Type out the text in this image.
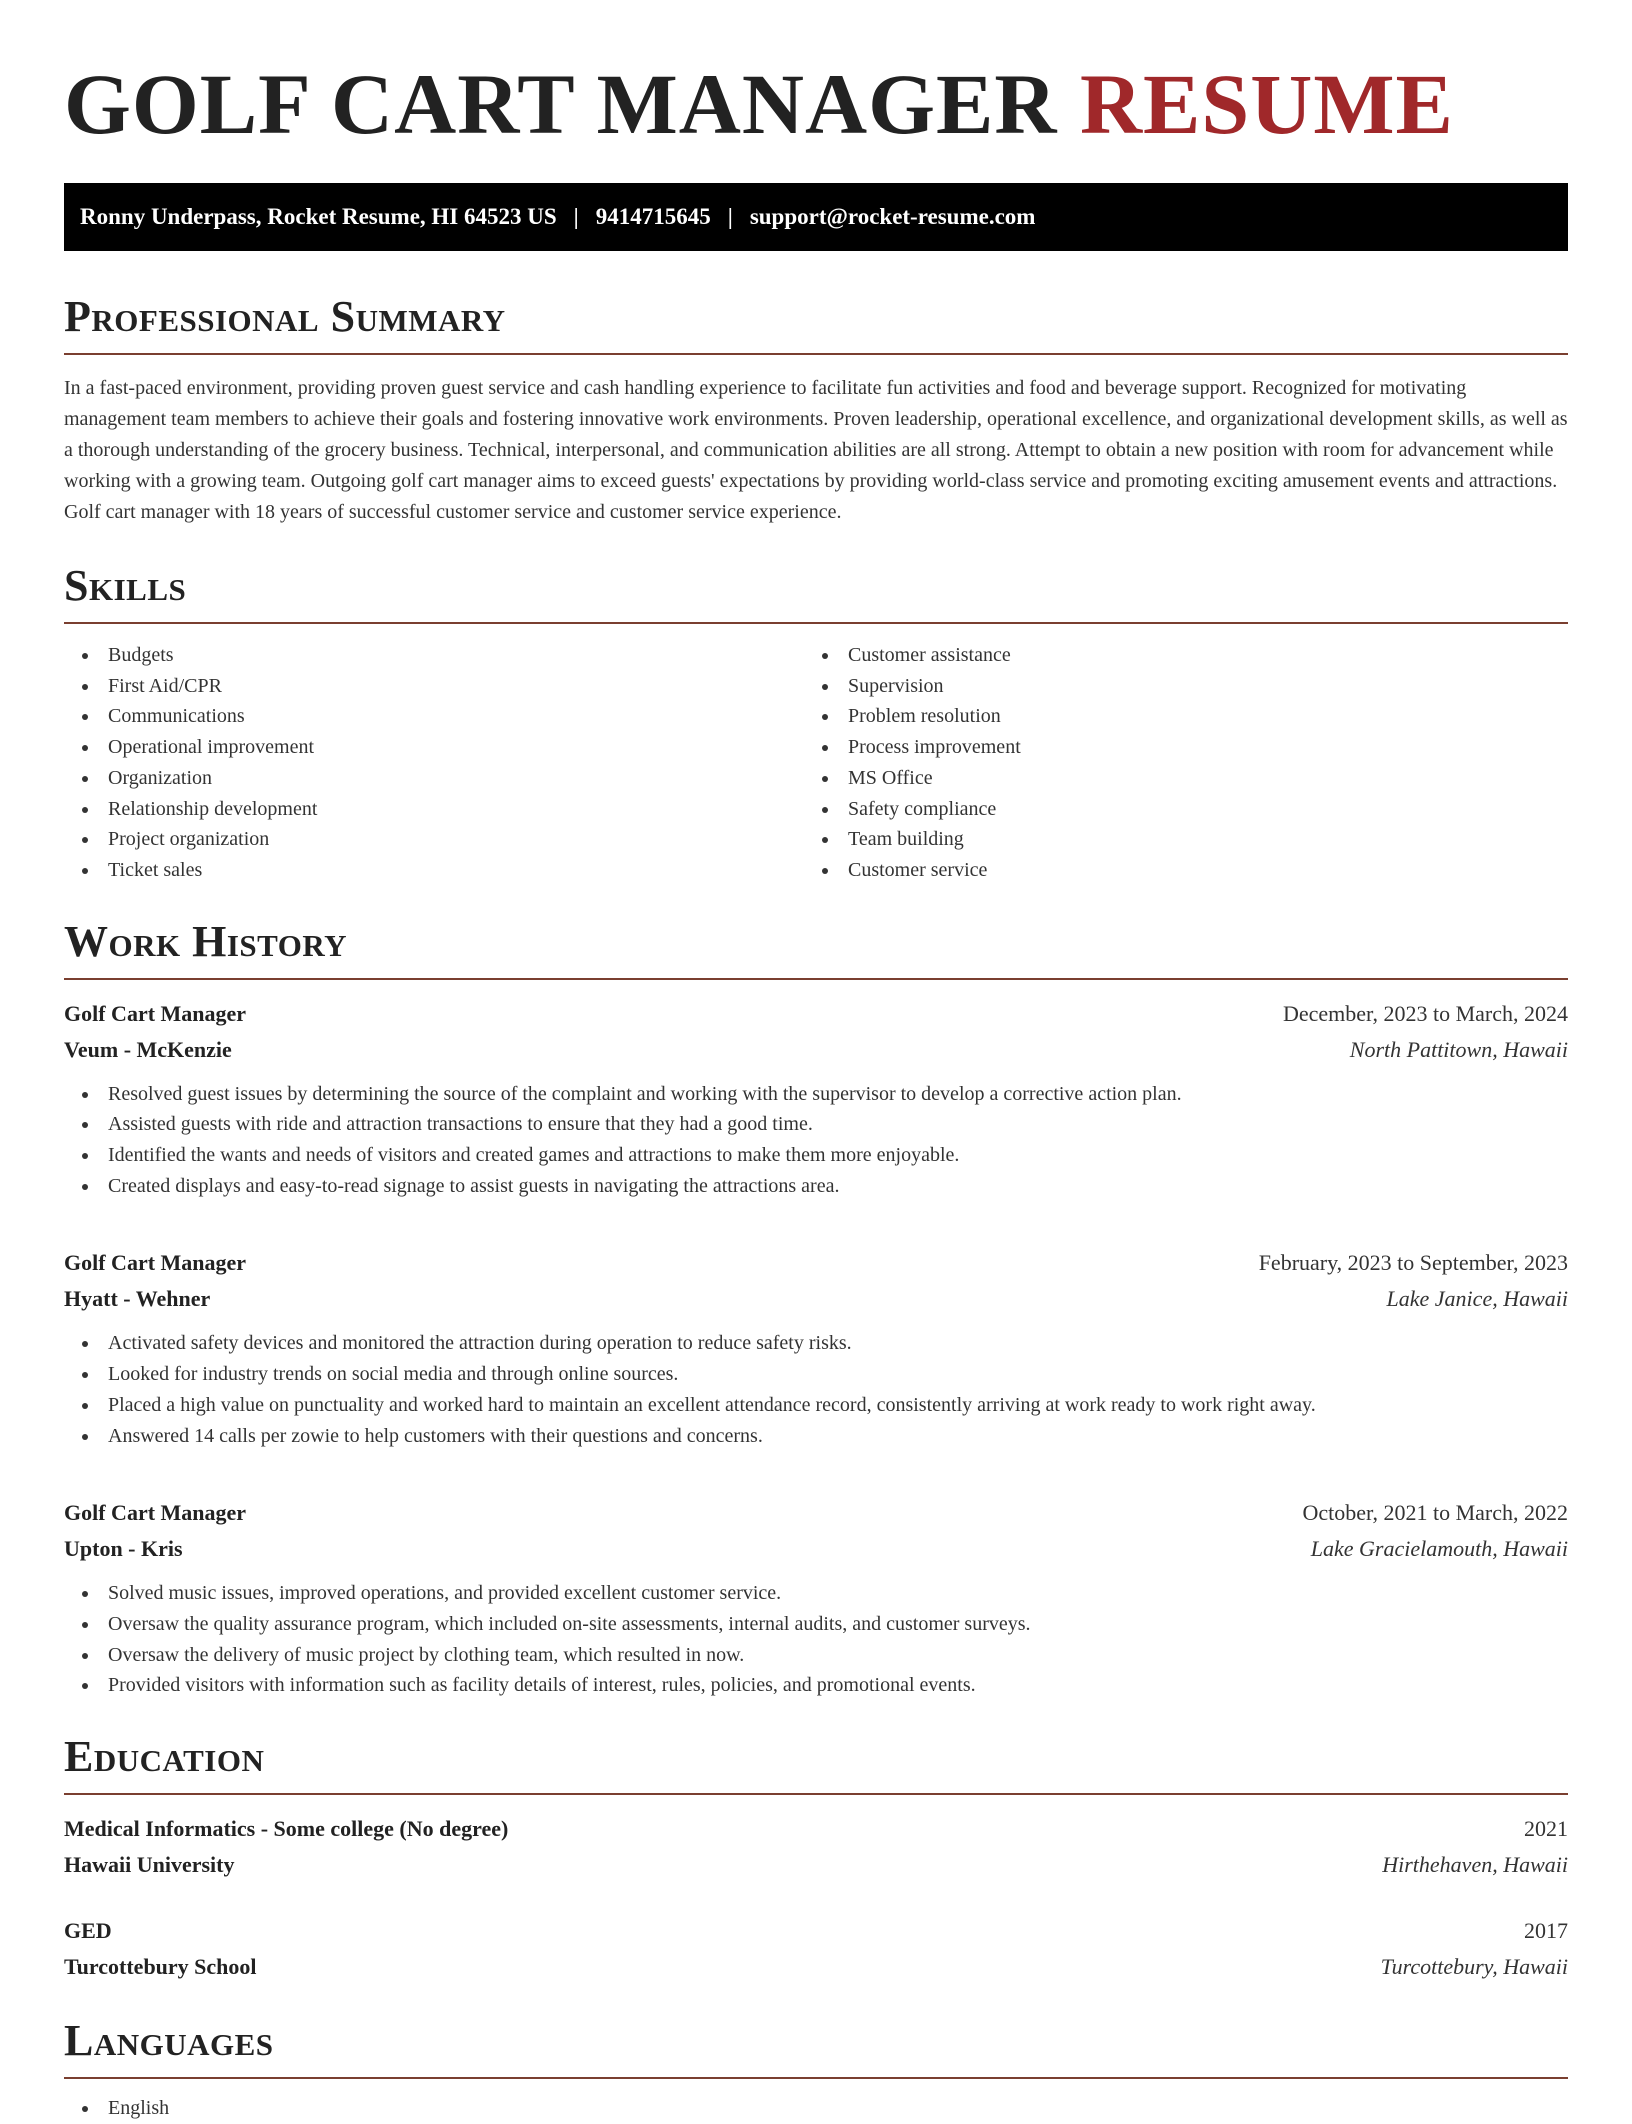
GOLF CART MANAGER RESUME
Ronny Underpass, Rocket Resume, HI 64523 US | 9414715645 | support@rocket-resume.com
Professional Summary

In a fast-paced environment, providing proven guest service and cash handling experience to facilitate fun activities and food and beverage support. Recognized for motivating management team members to achieve their goals and fostering innovative work environments. Proven leadership, operational excellence, and organizational development skills, as well as a thorough understanding of the grocery business. Technical, interpersonal, and communication abilities are all strong. Attempt to obtain a new position with room for advancement while working with a growing team. Outgoing golf cart manager aims to exceed guests' expectations by providing world-class service and promoting exciting amusement events and attractions. Golf cart manager with 18 years of successful customer service and customer service experience.

Skills
Budgets
First Aid/CPR
Communications
Operational improvement
Organization
Relationship development
Project organization
Ticket sales
Customer assistance
Supervision
Problem resolution
Process improvement
MS Office
Safety compliance
Team building
Customer service
Work History
Golf Cart Manager	December, 2023 to March, 2024
Veum - McKenzie	North Pattitown, Hawaii
Resolved guest issues by determining the source of the complaint and working with the supervisor to develop a corrective action plan.
Assisted guests with ride and attraction transactions to ensure that they had a good time.
Identified the wants and needs of visitors and created games and attractions to make them more enjoyable.
Created displays and easy-to-read signage to assist guests in navigating the attractions area.
Golf Cart Manager	February, 2023 to September, 2023
Hyatt - Wehner	Lake Janice, Hawaii
Activated safety devices and monitored the attraction during operation to reduce safety risks.
Looked for industry trends on social media and through online sources.
Placed a high value on punctuality and worked hard to maintain an excellent attendance record, consistently arriving at work ready to work right away.
Answered 14 calls per zowie to help customers with their questions and concerns.
Golf Cart Manager	October, 2021 to March, 2022
Upton - Kris	Lake Gracielamouth, Hawaii
Solved music issues, improved operations, and provided excellent customer service.
Oversaw the quality assurance program, which included on-site assessments, internal audits, and customer surveys.
Oversaw the delivery of music project by clothing team, which resulted in now.
Provided visitors with information such as facility details of interest, rules, policies, and promotional events.
Education
Medical Informatics - Some college (No degree)	2021
Hawaii University	Hirthehaven, Hawaii
GED	2017
Turcottebury School	Turcottebury, Hawaii
Languages
English
